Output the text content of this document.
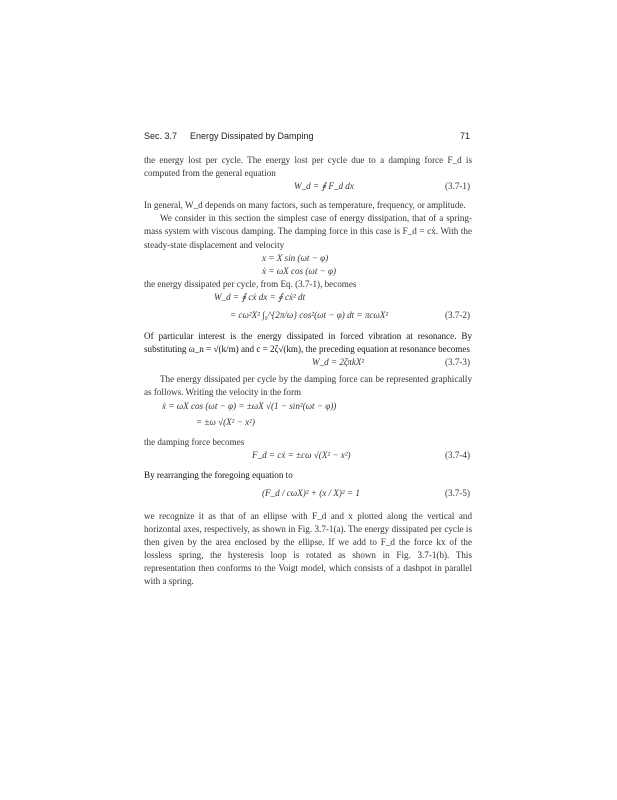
Sec. 3.7 Energy Dissipated by Damping	71

the energy lost per cycle. The energy lost per cycle due to a damping force F_d is computed from the general equation

W_d = ∮ F_d dx	(3.7-1)

In general, W_d depends on many factors, such as temperature, frequency, or amplitude.

We consider in this section the simplest case of energy dissipation, that of a spring-mass system with viscous damping. The damping force in this case is F_d = cẋ. With the steady-state displacement and velocity

x = X sin (ωt − φ)
ẋ = ωX cos (ωt − φ)

the energy dissipated per cycle, from Eq. (3.7-1), becomes

W_d = ∮ cẋ dx = ∮ cẋ² dt
= cω²X² ∫₀^{2π/ω} cos²(ωt − φ) dt = πcωX²	(3.7-2)

Of particular interest is the energy dissipated in forced vibration at resonance. By substituting ω_n = √(k/m) and c = 2ζ√(km), the preceding equation at resonance becomes

W_d = 2ζπkX²	(3.7-3)

The energy dissipated per cycle by the damping force can be represented graphically as follows. Writing the velocity in the form

ẋ = ωX cos (ωt − φ) = ±ωX √(1 − sin²(ωt − φ))
= ±ω √(X² − x²)

the damping force becomes

F_d = cẋ = ±cω √(X² − x²)	(3.7-4)

By rearranging the foregoing equation to

(F_d / cωX)² + (x / X)² = 1	(3.7-5)

we recognize it as that of an ellipse with F_d and x plotted along the vertical and horizontal axes, respectively, as shown in Fig. 3.7-1(a). The energy dissipated per cycle is then given by the area enclosed by the ellipse. If we add to F_d the force kx of the lossless spring, the hysteresis loop is rotated as shown in Fig. 3.7-1(b). This representation then conforms to the Voigt model, which consists of a dashpot in parallel with a spring.
